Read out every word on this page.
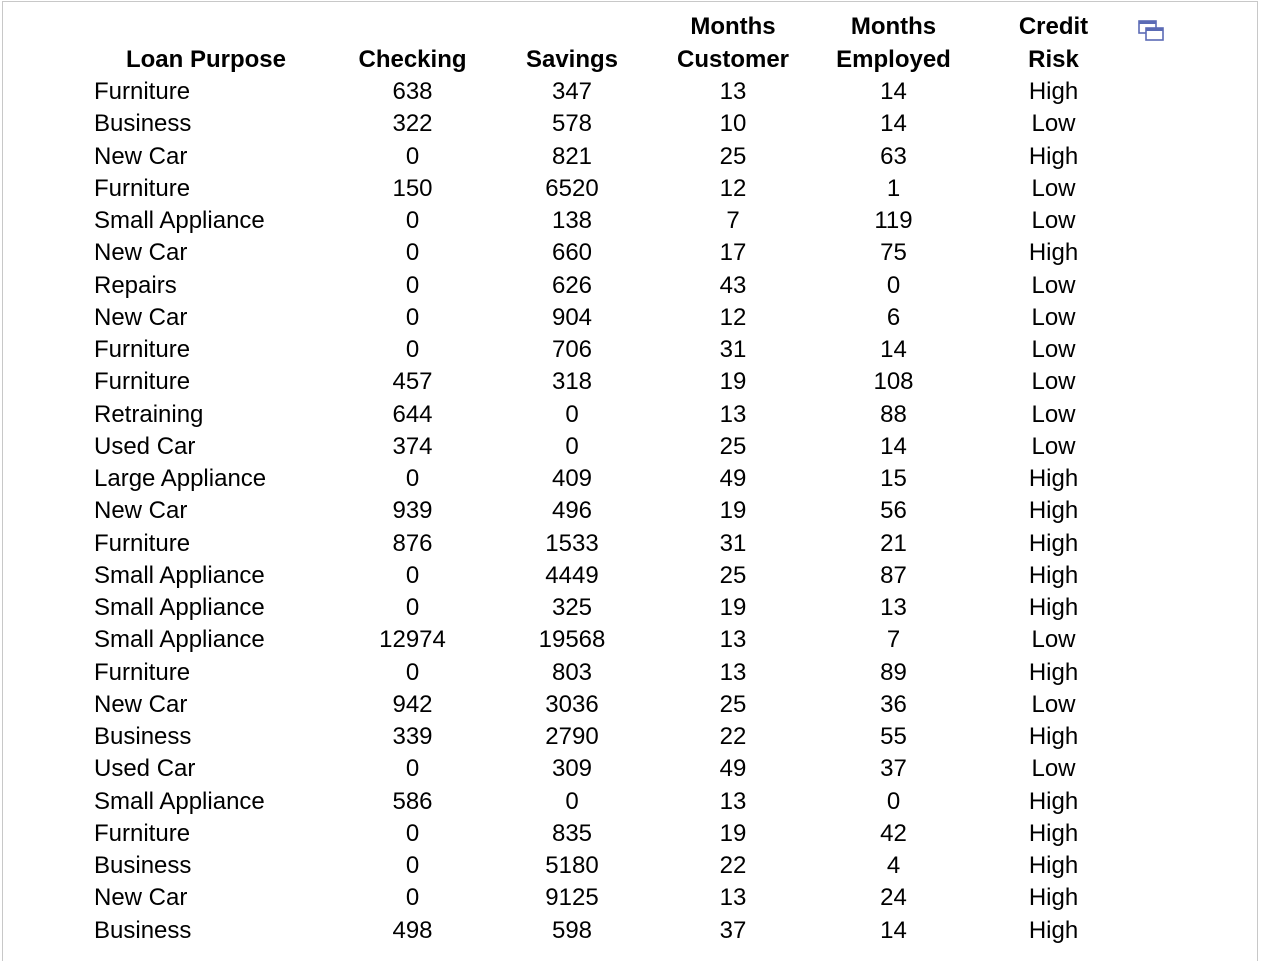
			Months	Months	Credit
Loan Purpose	Checking	Savings	Customer	Employed	Risk
Furniture	638	347	13	14	High
Business	322	578	10	14	Low
New Car	0	821	25	63	High
Furniture	150	6520	12	1	Low
Small Appliance	0	138	7	119	Low
New Car	0	660	17	75	High
Repairs	0	626	43	0	Low
New Car	0	904	12	6	Low
Furniture	0	706	31	14	Low
Furniture	457	318	19	108	Low
Retraining	644	0	13	88	Low
Used Car	374	0	25	14	Low
Large Appliance	0	409	49	15	High
New Car	939	496	19	56	High
Furniture	876	1533	31	21	High
Small Appliance	0	4449	25	87	High
Small Appliance	0	325	19	13	High
Small Appliance	12974	19568	13	7	Low
Furniture	0	803	13	89	High
New Car	942	3036	25	36	Low
Business	339	2790	22	55	High
Used Car	0	309	49	37	Low
Small Appliance	586	0	13	0	High
Furniture	0	835	19	42	High
Business	0	5180	22	4	High
New Car	0	9125	13	24	High
Business	498	598	37	14	High
